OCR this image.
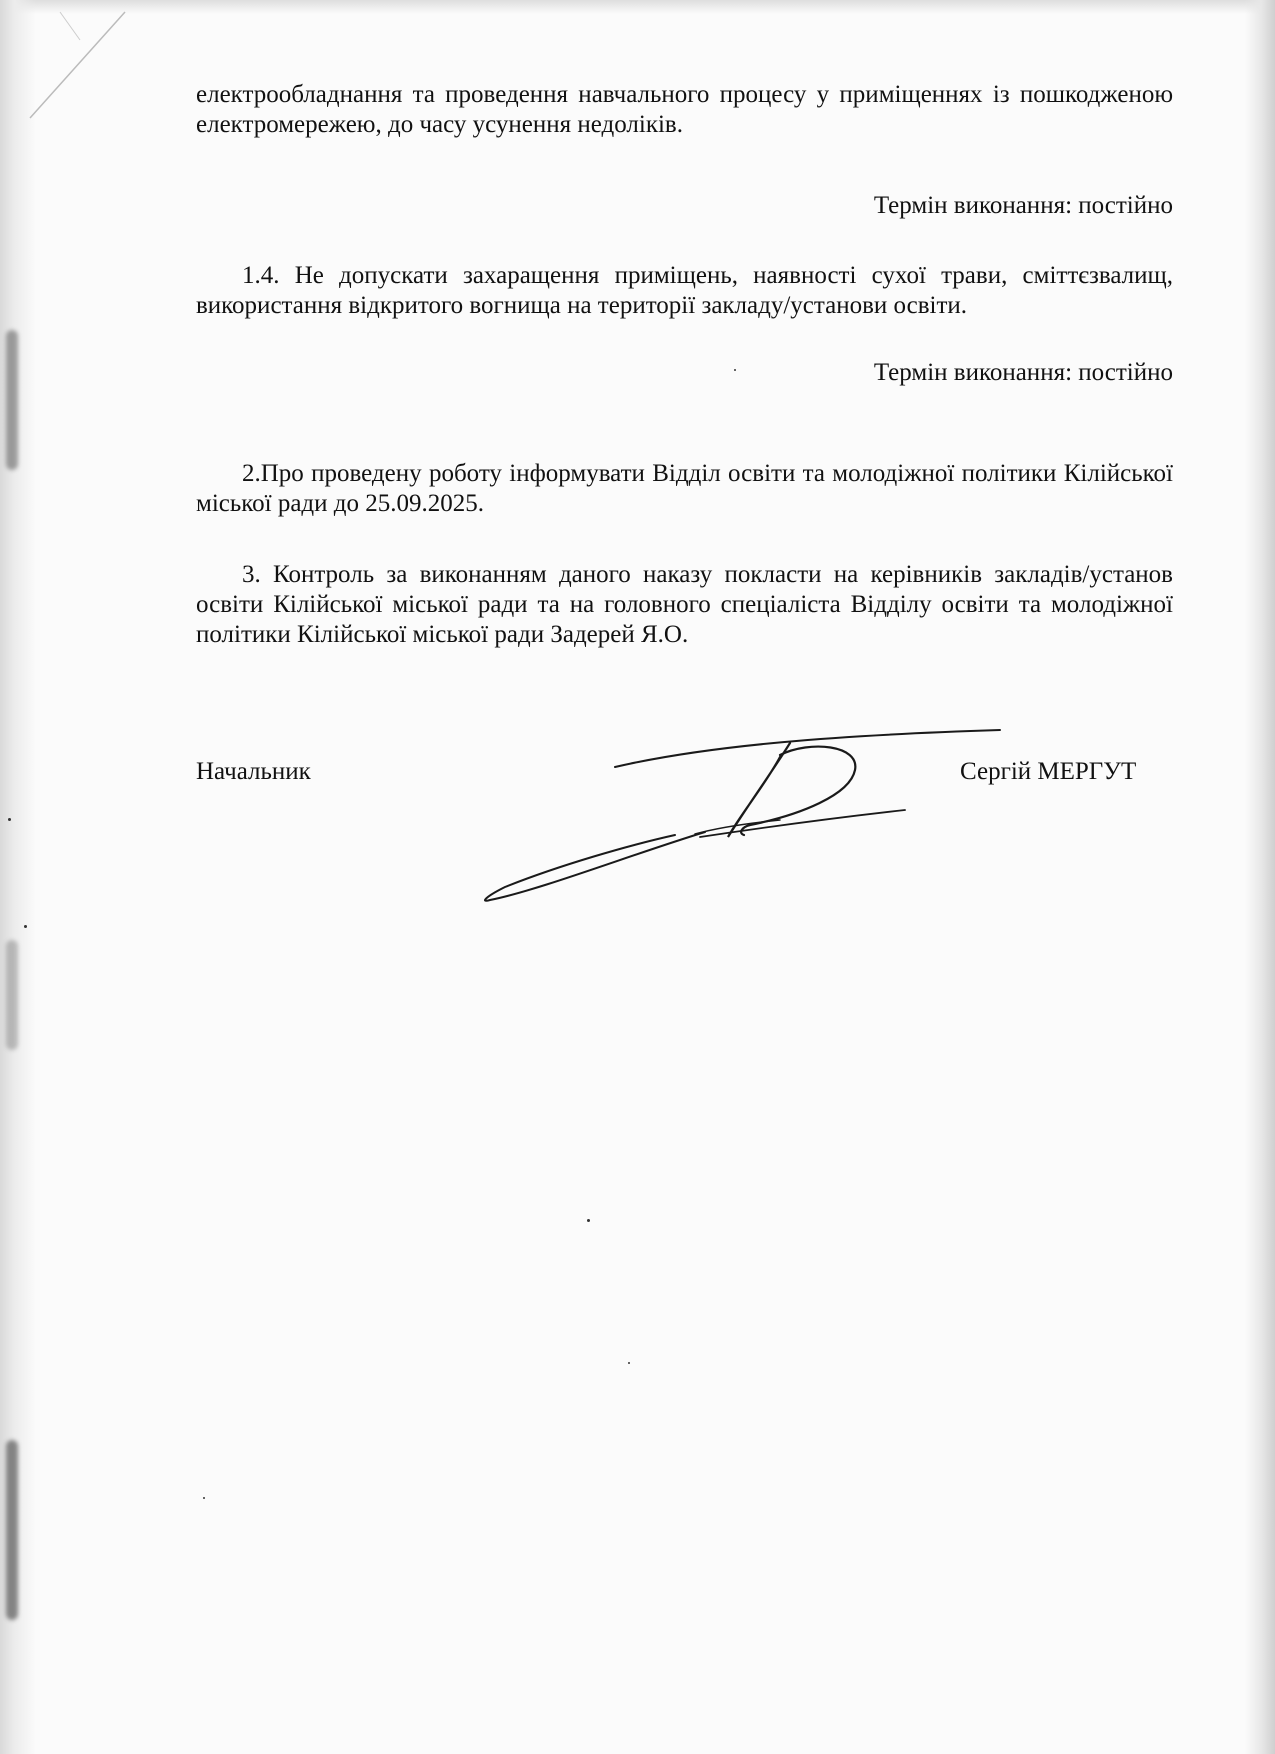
електрообладнання та проведення навчального процесу у приміщеннях із пошкодженою електромережею, до часу усунення недоліків.

Термін виконання: постійно

1.4. Не допускати захаращення приміщень, наявності сухої трави, сміттєзвалищ, використання відкритого вогнища на території закладу/установи освіти.

Термін виконання: постійно

2.Про проведену роботу інформувати Відділ освіти та молодіжної політики Кілійської міської ради до 25.09.2025.

3. Контроль за виконанням даного наказу покласти на керівників закладів/установ освіти Кілійської міської ради та на головного спеціаліста Відділу освіти та молодіжної політики Кілійської міської ради Задерей Я.О.

Начальник	Сергій МЕРГУТ
